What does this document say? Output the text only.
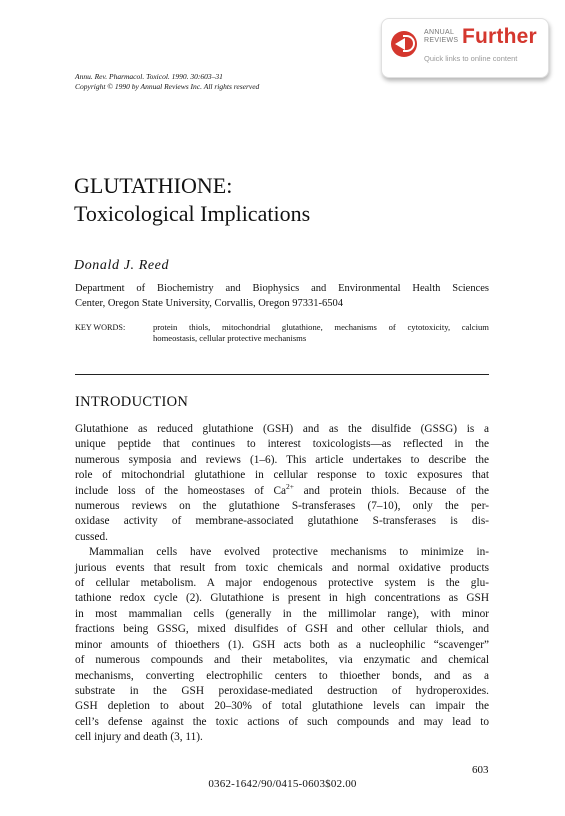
ANNUAL
REVIEWS Further
Quick links to online content
Annu. Rev. Pharmacol. Toxicol. 1990. 30:603–31
Copyright © 1990 by Annual Reviews Inc. All rights reserved
GLUTATHIONE:
Toxicological Implications
Donald J. Reed
Department of Biochemistry and Biophysics and Environmental Health Sciences
Center, Oregon State University, Corvallis, Oregon 97331-6504
KEY WORDS:	protein thiols, mitochondrial glutathione, mechanisms of cytotoxicity, calcium
homeostasis, cellular protective mechanisms
INTRODUCTION
Glutathione as reduced glutathione (GSH) and as the disulfide (GSSG) is a
unique peptide that continues to interest toxicologists—as reflected in the
numerous symposia and reviews (1–6). This article undertakes to describe the
role of mitochondrial glutathione in cellular response to toxic exposures that
include loss of the homeostases of $Ca^{2+}$ and protein thiols. Because of the
numerous reviews on the glutathione S-transferases (7–10), only the per-
oxidase activity of membrane-associated glutathione S-transferases is dis-
cussed.
Mammalian cells have evolved protective mechanisms to minimize in-
jurious events that result from toxic chemicals and normal oxidative products
of cellular metabolism. A major endogenous protective system is the glu-
tathione redox cycle (2). Glutathione is present in high concentrations as GSH
in most mammalian cells (generally in the millimolar range), with minor
fractions being GSSG, mixed disulfides of GSH and other cellular thiols, and
minor amounts of thioethers (1). GSH acts both as a nucleophilic “scavenger”
of numerous compounds and their metabolites, via enzymatic and chemical
mechanisms, converting electrophilic centers to thioether bonds, and as a
substrate in the GSH peroxidase-mediated destruction of hydroperoxides.
GSH depletion to about 20–30% of total glutathione levels can impair the
cell’s defense against the toxic actions of such compounds and may lead to
cell injury and death (3, 11).
603
0362-1642/90/0415-0603$02.00
